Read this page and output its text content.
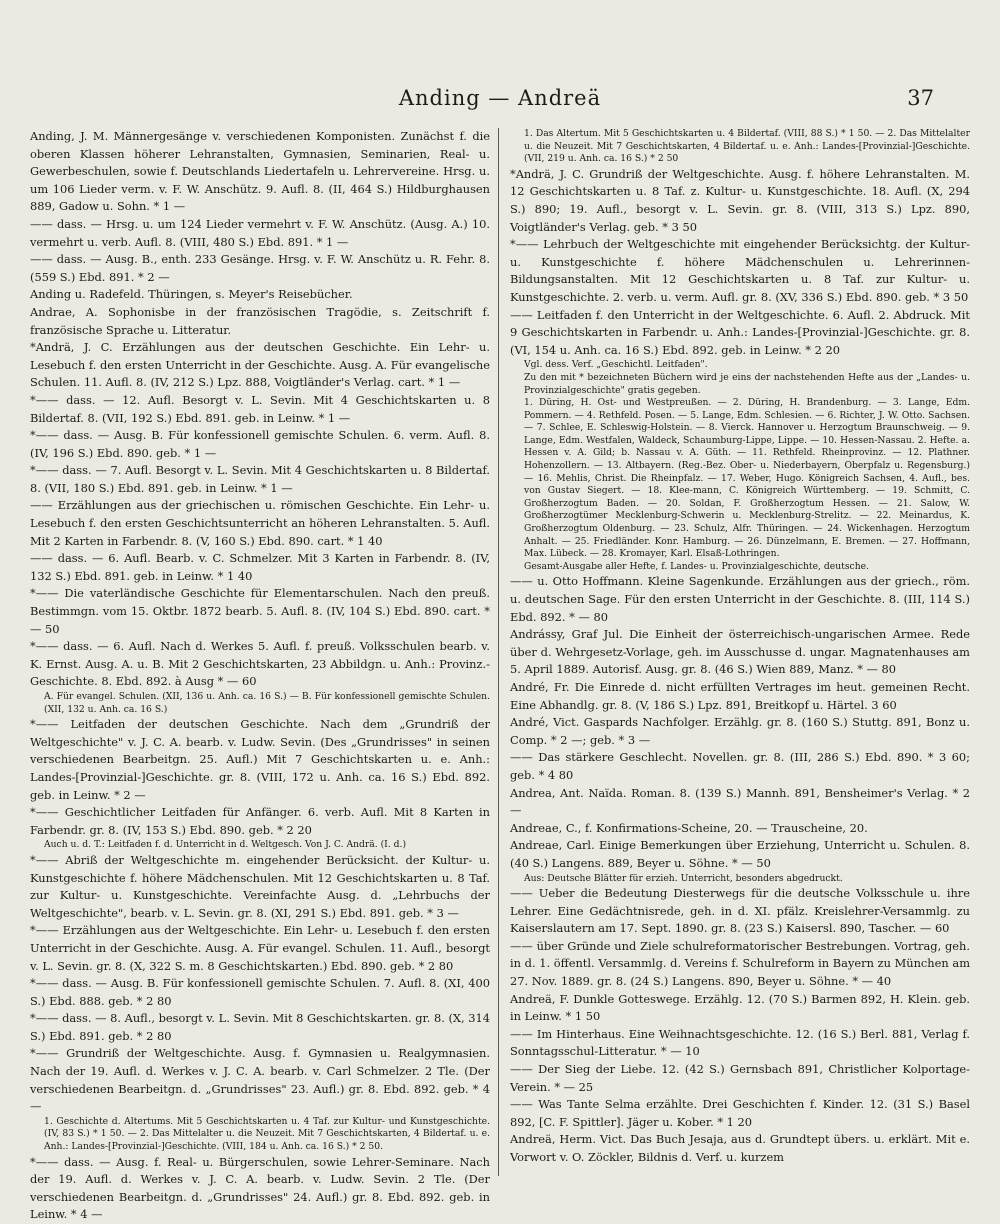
Anding — Andreä	37

Anding, J. M. Männergesänge v. verschiedenen Komponisten. Zunächst f. die oberen Klassen höherer Lehranstalten, Gymnasien, Seminarien, Real- u. Gewerbeschulen, sowie f. Deutschlands Liedertafeln u. Lehrervereine. Hrsg. u. um 106 Lieder verm. v. F. W. Anschütz. 9. Aufl. 8. (II, 464 S.) Hildburghausen 889, Gadow u. Sohn. * 1 —

—— dass. — Hrsg. u. um 124 Lieder vermehrt v. F. W. Anschütz. (Ausg. A.) 10. vermehrt u. verb. Aufl. 8. (VIII, 480 S.) Ebd. 891. * 1 —

—— dass. — Ausg. B., enth. 233 Gesänge. Hrsg. v. F. W. Anschütz u. R. Fehr. 8. (559 S.) Ebd. 891. * 2 —

Anding u. Radefeld. Thüringen, s. Meyer's Reisebücher.

Andrae, A. Sophonisbe in der französischen Tragödie, s. Zeitschrift f. französische Sprache u. Litteratur.

*Andrä, J. C. Erzählungen aus der deutschen Geschichte. Ein Lehr- u. Lesebuch f. den ersten Unterricht in der Geschichte. Ausg. A. Für evangelische Schulen. 11. Aufl. 8. (IV, 212 S.) Lpz. 888, Voigtländer's Verlag. cart. * 1 —

*—— dass. — 12. Aufl. Besorgt v. L. Sevin. Mit 4 Geschichtskarten u. 8 Bildertaf. 8. (VII, 192 S.) Ebd. 891. geb. in Leinw. * 1 —

*—— dass. — Ausg. B. Für konfessionell gemischte Schulen. 6. verm. Aufl. 8. (IV, 196 S.) Ebd. 890. geb. * 1 —

*—— dass. — 7. Aufl. Besorgt v. L. Sevin. Mit 4 Geschichtskarten u. 8 Bildertaf. 8. (VII, 180 S.) Ebd. 891. geb. in Leinw. * 1 —

—— Erzählungen aus der griechischen u. römischen Geschichte. Ein Lehr- u. Lesebuch f. den ersten Geschichtsunterricht an höheren Lehranstalten. 5. Aufl. Mit 2 Karten in Farbendr. 8. (V, 160 S.) Ebd. 890. cart. * 1 40

—— dass. — 6. Aufl. Bearb. v. C. Schmelzer. Mit 3 Karten in Farbendr. 8. (IV, 132 S.) Ebd. 891. geb. in Leinw. * 1 40

*—— Die vaterländische Geschichte für Elementarschulen. Nach den preuß. Bestimmgn. vom 15. Oktbr. 1872 bearb. 5. Aufl. 8. (IV, 104 S.) Ebd. 890. cart. * — 50

*—— dass. — 6. Aufl. Nach d. Werkes 5. Aufl. f. preuß. Volksschulen bearb. v. K. Ernst. Ausg. A. u. B. Mit 2 Geschichtskarten, 23 Abbildgn. u. Anh.: Provinz.-Geschichte. 8. Ebd. 892. à Ausg * — 60

A. Für evangel. Schulen. (XII, 136 u. Anh. ca. 16 S.) — B. Für konfessionell gemischte Schulen. (XII, 132 u. Anh. ca. 16 S.)

*—— Leitfaden der deutschen Geschichte. Nach dem „Grundriß der Weltgeschichte" v. J. C. A. bearb. v. Ludw. Sevin. (Des „Grundrisses" in seinen verschiedenen Bearbeitgn. 25. Aufl.) Mit 7 Geschichtskarten u. e. Anh.: Landes-[Provinzial-]Geschichte. gr. 8. (VIII, 172 u. Anh. ca. 16 S.) Ebd. 892. geb. in Leinw. * 2 —

*—— Geschichtlicher Leitfaden für Anfänger. 6. verb. Aufl. Mit 8 Karten in Farbendr. gr. 8. (IV, 153 S.) Ebd. 890. geb. * 2 20

Auch u. d. T.: Leitfaden f. d. Unterricht in d. Weltgesch. Von J. C. Andrä. (I. d.)

*—— Abriß der Weltgeschichte m. eingehender Berücksicht. der Kultur- u. Kunstgeschichte f. höhere Mädchenschulen. Mit 12 Geschichtskarten u. 8 Taf. zur Kultur- u. Kunstgeschichte. Vereinfachte Ausg. d. „Lehrbuchs der Weltgeschichte", bearb. v. L. Sevin. gr. 8. (XI, 291 S.) Ebd. 891. geb. * 3 —

*—— Erzählungen aus der Weltgeschichte. Ein Lehr- u. Lesebuch f. den ersten Unterricht in der Geschichte. Ausg. A. Für evangel. Schulen. 11. Aufl., besorgt v. L. Sevin. gr. 8. (X, 322 S. m. 8 Geschichtskarten.) Ebd. 890. geb. * 2 80

*—— dass. — Ausg. B. Für konfessionell gemischte Schulen. 7. Aufl. 8. (XI, 400 S.) Ebd. 888. geb. * 2 80

*—— dass. — 8. Aufl., besorgt v. L. Sevin. Mit 8 Geschichtskarten. gr. 8. (X, 314 S.) Ebd. 891. geb. * 2 80

*—— Grundriß der Weltgeschichte. Ausg. f. Gymnasien u. Realgymnasien. Nach der 19. Aufl. d. Werkes v. J. C. A. bearb. v. Carl Schmelzer. 2 Tle. (Der verschiedenen Bearbeitgn. d. „Grundrisses" 23. Aufl.) gr. 8. Ebd. 892. geb. * 4 —

1. Geschichte d. Altertums. Mit 5 Geschichtskarten u. 4 Taf. zur Kultur- und Kunstgeschichte. (IV, 83 S.) * 1 50. — 2. Das Mittelalter u. die Neuzeit. Mit 7 Geschichtskarten, 4 Bildertaf. u. e. Anh.: Landes-[Provinzial-]Geschichte. (VIII, 184 u. Anh. ca. 16 S.) * 2 50.

*—— dass. — Ausg. f. Real- u. Bürgerschulen, sowie Lehrer-Seminare. Nach der 19. Aufl. d. Werkes v. J. C. A. bearb. v. Ludw. Sevin. 2 Tle. (Der verschiedenen Bearbeitgn. d. „Grundrisses" 24. Aufl.) gr. 8. Ebd. 892. geb. in Leinw. * 4 —

1. Das Altertum. Mit 5 Geschichtskarten u. 4 Bildertaf. (VIII, 88 S.) * 1 50. — 2. Das Mittelalter u. die Neuzeit. Mit 7 Geschichtskarten, 4 Bildertaf. u. e. Anh.: Landes-[Provinzial-]Geschichte. (VII, 219 u. Anh. ca. 16 S.) * 2 50

*Andrä, J. C. Grundriß der Weltgeschichte. Ausg. f. höhere Lehranstalten. M. 12 Geschichtskarten u. 8 Taf. z. Kultur- u. Kunstgeschichte. 18. Aufl. (X, 294 S.) 890; 19. Aufl., besorgt v. L. Sevin. gr. 8. (VIII, 313 S.) Lpz. 890, Voigtländer's Verlag. geb. * 3 50

*—— Lehrbuch der Weltgeschichte mit eingehender Berücksichtg. der Kultur- u. Kunstgeschichte f. höhere Mädchenschulen u. Lehrerinnen-Bildungsanstalten. Mit 12 Geschichtskarten u. 8 Taf. zur Kultur- u. Kunstgeschichte. 2. verb. u. verm. Aufl. gr. 8. (XV, 336 S.) Ebd. 890. geb. * 3 50

—— Leitfaden f. den Unterricht in der Weltgeschichte. 6. Aufl. 2. Abdruck. Mit 9 Geschichtskarten in Farbendr. u. Anh.: Landes-[Provinzial-]Geschichte. gr. 8. (VI, 154 u. Anh. ca. 16 S.) Ebd. 892. geb. in Leinw. * 2 20

Vgl. dess. Verf. „Geschichtl. Leitfaden".

Zu den mit * bezeichneten Büchern wird je eins der nachstehenden Hefte aus der „Landes- u. Provinzialgeschichte" gratis gegeben.

1. Düring, H. Ost- und Westpreußen. — 2. Düring, H. Brandenburg. — 3. Lange, Edm. Pommern. — 4. Rethfeld. Posen. — 5. Lange, Edm. Schlesien. — 6. Richter, J. W. Otto. Sachsen. — 7. Schlee, E. Schleswig-Holstein. — 8. Vierck. Hannover u. Herzogtum Braunschweig. — 9. Lange, Edm. Westfalen, Waldeck, Schaumburg-Lippe, Lippe. — 10. Hessen-Nassau. 2. Hefte. a. Hessen v. A. Gild; b. Nassau v. A. Güth. — 11. Rethfeld. Rheinprovinz. — 12. Plathner. Hohenzollern. — 13. Altbayern. (Reg.-Bez. Ober- u. Niederbayern, Oberpfalz u. Regensburg.) — 16. Mehlis, Christ. Die Rheinpfalz. — 17. Weber, Hugo. Königreich Sachsen, 4. Aufl., bes. von Gustav Siegert. — 18. Klee-mann, C. Königreich Württemberg. — 19. Schmitt, C. Großherzogtum Baden. — 20. Soldan, F. Großherzogtum Hessen. — 21. Salow, W. Großherzogtümer Mecklenburg-Schwerin u. Mecklenburg-Strelitz. — 22. Meinardus, K. Großherzogtum Oldenburg. — 23. Schulz, Alfr. Thüringen. — 24. Wickenhagen. Herzogtum Anhalt. — 25. Friedländer. Konr. Hamburg. — 26. Dünzelmann, E. Bremen. — 27. Hoffmann, Max. Lübeck. — 28. Kromayer, Karl. Elsaß-Lothringen.

Gesamt-Ausgabe aller Hefte, f. Landes- u. Provinzialgeschichte, deutsche.

—— u. Otto Hoffmann. Kleine Sagenkunde. Erzählungen aus der griech., röm. u. deutschen Sage. Für den ersten Unterricht in der Geschichte. 8. (III, 114 S.) Ebd. 892. * — 80

Andrássy, Graf Jul. Die Einheit der österreichisch-ungarischen Armee. Rede über d. Wehrgesetz-Vorlage, geh. im Ausschusse d. ungar. Magnatenhauses am 5. April 1889. Autorisf. Ausg. gr. 8. (46 S.) Wien 889, Manz. * — 80

André, Fr. Die Einrede d. nicht erfüllten Vertrages im heut. gemeinen Recht. Eine Abhandlg. gr. 8. (V, 186 S.) Lpz. 891, Breitkopf u. Härtel. 3 60

André, Vict. Gaspards Nachfolger. Erzählg. gr. 8. (160 S.) Stuttg. 891, Bonz u. Comp. * 2 —; geb. * 3 —

—— Das stärkere Geschlecht. Novellen. gr. 8. (III, 286 S.) Ebd. 890. * 3 60; geb. * 4 80

Andrea, Ant. Naïda. Roman. 8. (139 S.) Mannh. 891, Bensheimer's Verlag. * 2 —

Andreae, C., f. Konfirmations-Scheine, 20. — Trauscheine, 20.

Andreae, Carl. Einige Bemerkungen über Erziehung, Unterricht u. Schulen. 8. (40 S.) Langens. 889, Beyer u. Söhne. * — 50

Aus: Deutsche Blätter für erzieh. Unterricht, besonders abgedruckt.

—— Ueber die Bedeutung Diesterwegs für die deutsche Volksschule u. ihre Lehrer. Eine Gedächtnisrede, geh. in d. XI. pfälz. Kreislehrer-Versammlg. zu Kaiserslautern am 17. Sept. 1890. gr. 8. (23 S.) Kaisersl. 890, Tascher. — 60

—— über Gründe und Ziele schulreformatorischer Bestrebungen. Vortrag, geh. in d. 1. öffentl. Versammlg. d. Vereins f. Schulreform in Bayern zu München am 27. Nov. 1889. gr. 8. (24 S.) Langens. 890, Beyer u. Söhne. * — 40

Andreä, F. Dunkle Gotteswege. Erzählg. 12. (70 S.) Barmen 892, H. Klein. geb. in Leinw. * 1 50

—— Im Hinterhaus. Eine Weihnachtsgeschichte. 12. (16 S.) Berl. 881, Verlag f. Sonntagsschul-Litteratur. * — 10

—— Der Sieg der Liebe. 12. (42 S.) Gernsbach 891, Christlicher Kolportage-Verein. * — 25

—— Was Tante Selma erzählte. Drei Geschichten f. Kinder. 12. (31 S.) Basel 892, [C. F. Spittler]. Jäger u. Kober. * 1 20

Andreä, Herm. Vict. Das Buch Jesaja, aus d. Grundtept übers. u. erklärt. Mit e. Vorwort v. O. Zöckler, Bildnis d. Verf. u. kurzem
